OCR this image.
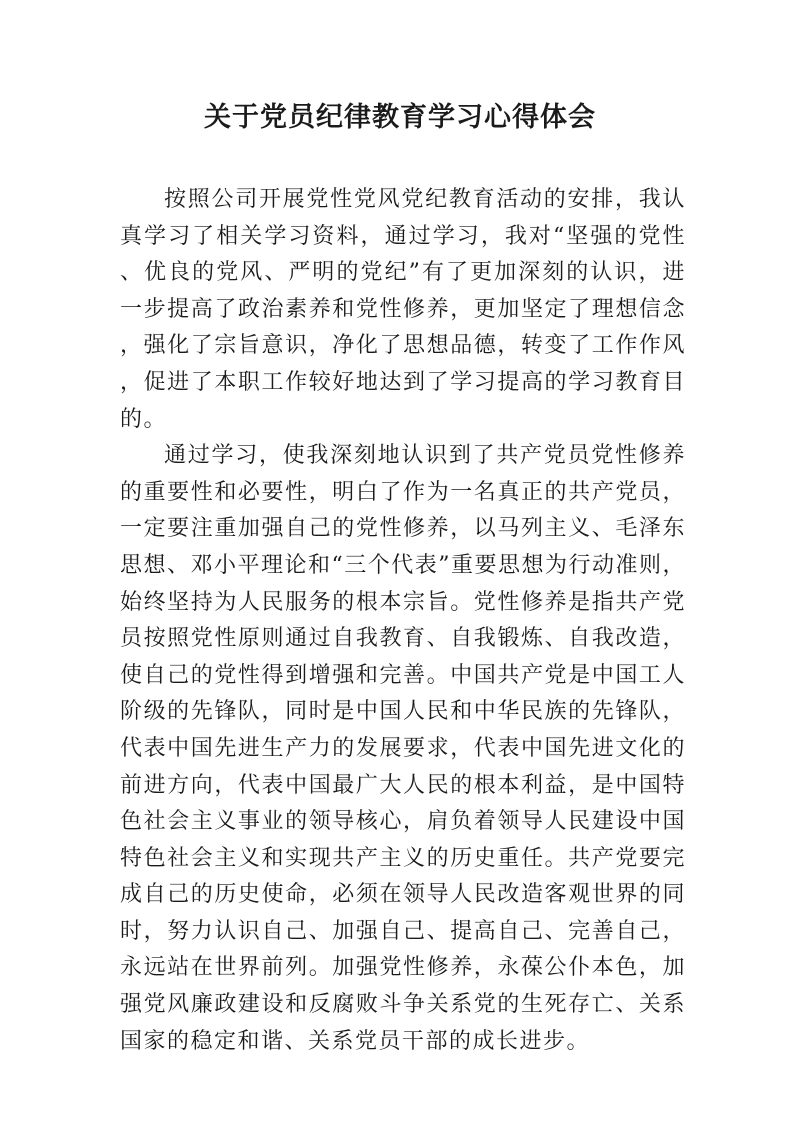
关于党员纪律教育学习心得体会

按照公司开展党性党风党纪教育活动的安排，我认真学习了相关学习资料，通过学习，我对“坚强的党性、优良的党风、严明的党纪”有了更加深刻的认识，进一步提高了政治素养和党性修养，更加坚定了理想信念，强化了宗旨意识，净化了思想品德，转变了工作作风，促进了本职工作较好地达到了学习提高的学习教育目的。

通过学习，使我深刻地认识到了共产党员党性修养的重要性和必要性，明白了作为一名真正的共产党员，一定要注重加强自己的党性修养，以马列主义、毛泽东思想、邓小平理论和“三个代表”重要思想为行动准则，始终坚持为人民服务的根本宗旨。党性修养是指共产党员按照党性原则通过自我教育、自我锻炼、自我改造，使自己的党性得到增强和完善。中国共产党是中国工人阶级的先锋队，同时是中国人民和中华民族的先锋队，代表中国先进生产力的发展要求，代表中国先进文化的前进方向，代表中国最广大人民的根本利益，是中国特色社会主义事业的领导核心，肩负着领导人民建设中国特色社会主义和实现共产主义的历史重任。共产党要完成自己的历史使命，必须在领导人民改造客观世界的同时，努力认识自己、加强自己、提高自己、完善自己，永远站在世界前列。加强党性修养，永葆公仆本色，加强党风廉政建设和反腐败斗争关系党的生死存亡、关系国家的稳定和谐、关系党员干部的成长进步。
